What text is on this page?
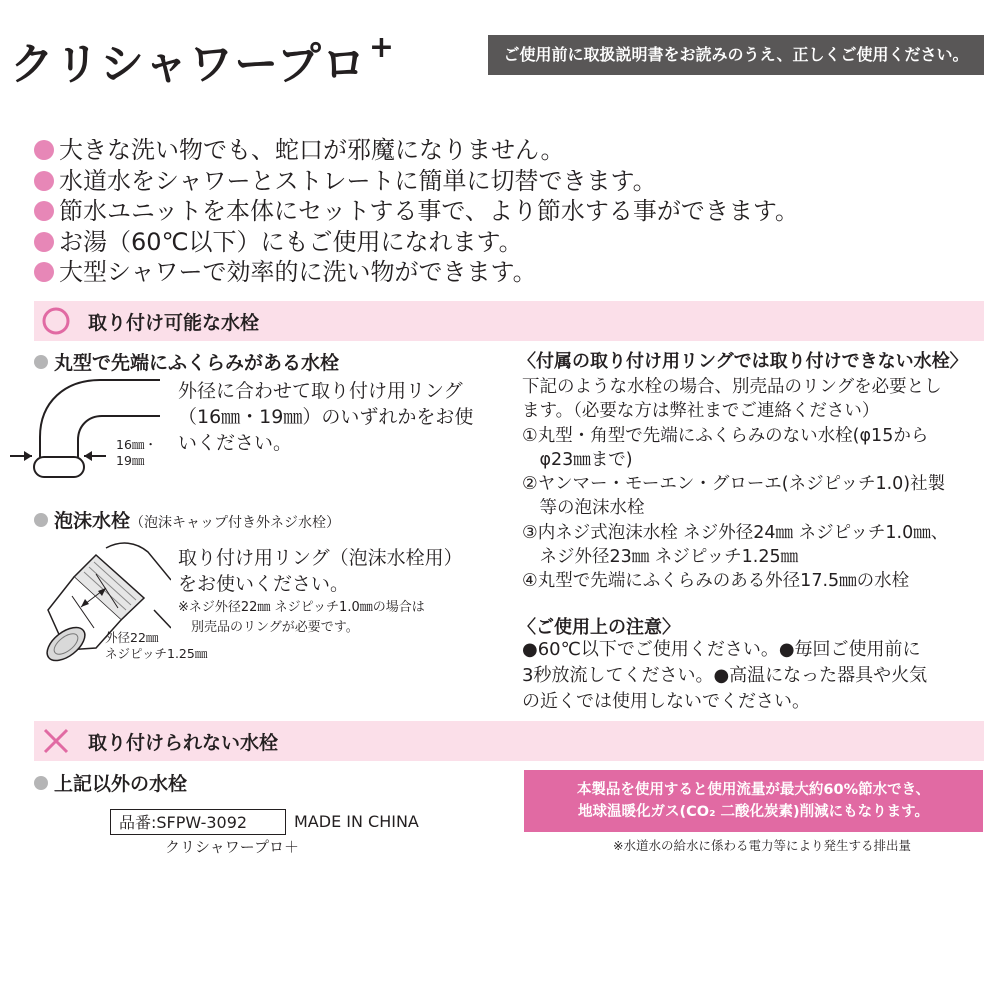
クリシャワープロ+	ご使用前に取扱説明書をお読みのうえ、正しくご使用ください。
大きな洗い物でも、蛇口が邪魔になりません。
水道水をシャワーとストレートに簡単に切替できます。
節水ユニットを本体にセットする事で、より節水する事ができます。
お湯（60℃以下）にもご使用になれます。
大型シャワーで効率的に洗い物ができます。
取り付け可能な水栓
丸型で先端にふくらみがある水栓
16㎜・
19㎜
外径に合わせて取り付け用リング
（16㎜・19㎜）のいずれかをお使
いください。
泡沫水栓（泡沫キャップ付き外ネジ水栓）
外径22㎜
ネジピッチ1.25㎜
取り付け用リング（泡沫水栓用）
をお使いください。
※ネジ外径22㎜ ネジピッチ1.0㎜の場合は
　別売品のリングが必要です。
〈付属の取り付け用リングでは取り付けできない水栓〉
下記のような水栓の場合、別売品のリングを必要とし
ます。（必要な方は弊社までご連絡ください）
①丸型・角型で先端にふくらみのない水栓(φ15から
　φ23㎜まで)
②ヤンマー・モーエン・グローエ(ネジピッチ1.0)社製
　等の泡沫水栓
③内ネジ式泡沫水栓 ネジ外径24㎜ ネジピッチ1.0㎜、
　ネジ外径23㎜ ネジピッチ1.25㎜
④丸型で先端にふくらみのある外径17.5㎜の水栓
〈ご使用上の注意〉
●60℃以下でご使用ください。●毎回ご使用前に
3秒放流してください。●高温になった器具や火気
の近くでは使用しないでください。
取り付けられない水栓
上記以外の水栓
品番:SFPW-3092	MADE IN CHINA
クリシャワープロ＋
本製品を使用すると使用流量が最大約60%節水でき、
地球温暖化ガス(CO₂ 二酸化炭素)削減にもなります。
※水道水の給水に係わる電力等により発生する排出量
